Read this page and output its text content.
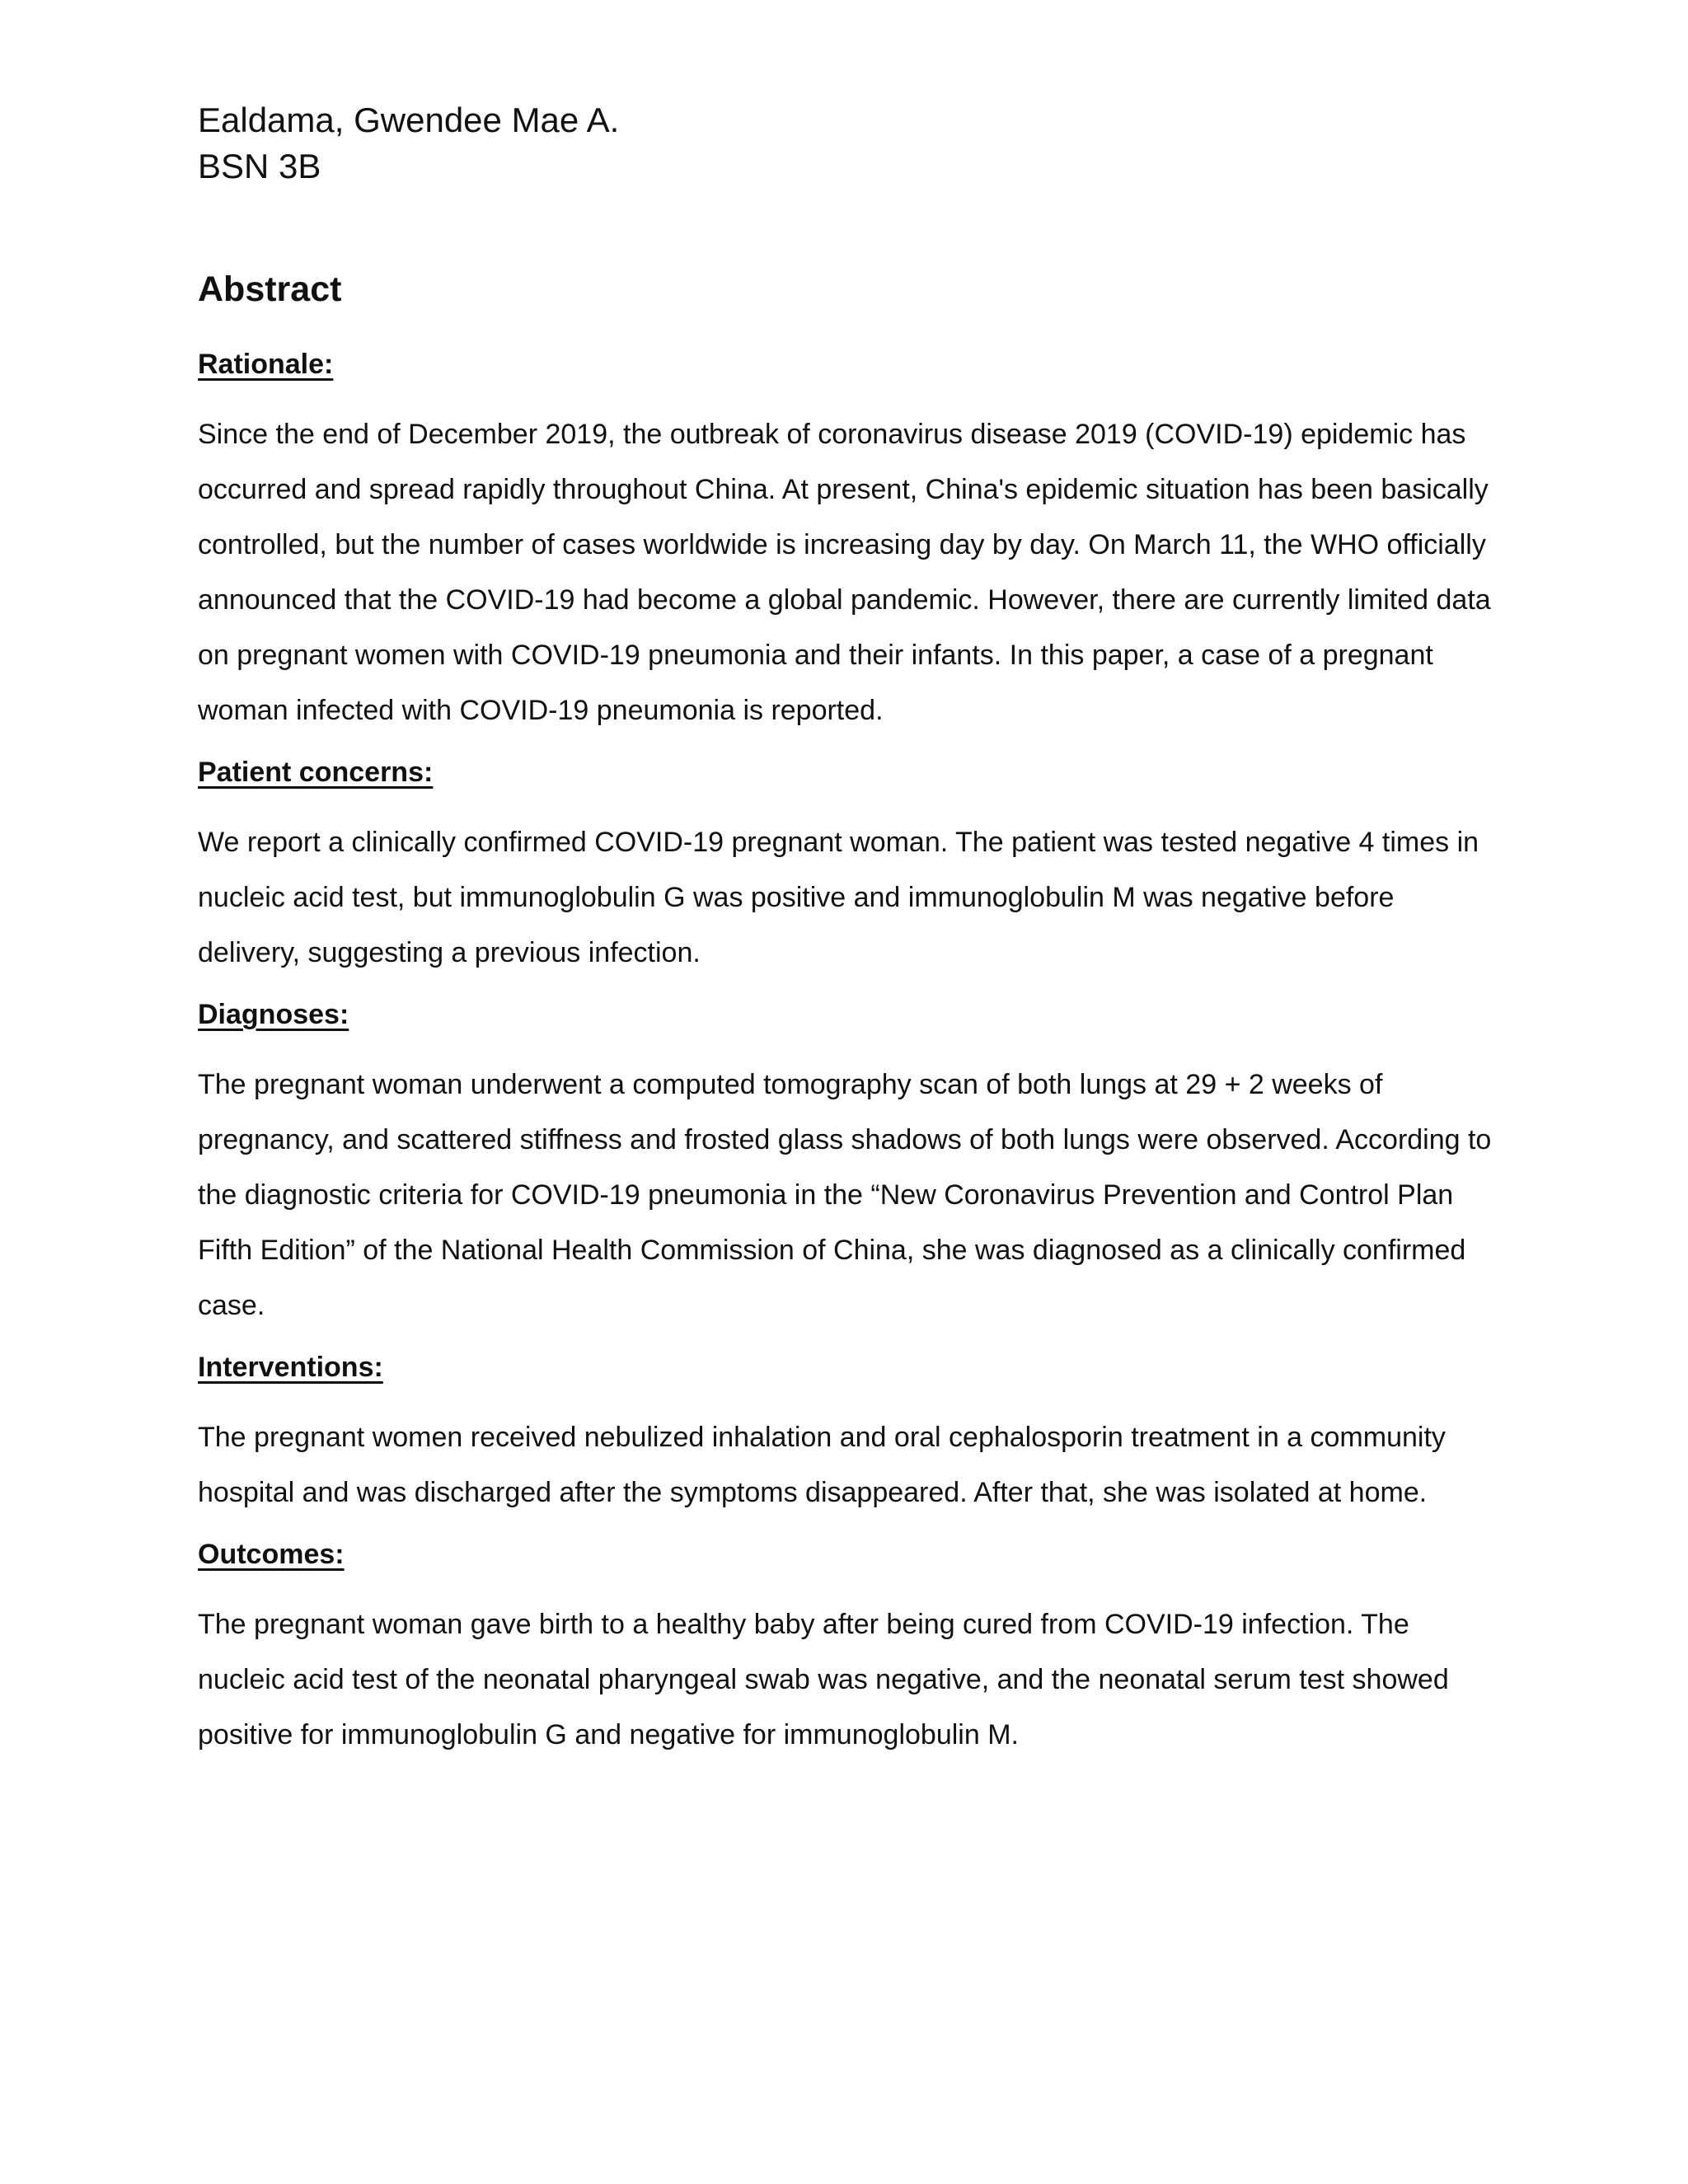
Ealdama, Gwendee Mae A.

BSN 3B

Abstract
Rationale:

Since the end of December 2019, the outbreak of coronavirus disease 2019 (COVID-19) epidemic has occurred and spread rapidly throughout China. At present, China's epidemic situation has been basically controlled, but the number of cases worldwide is increasing day by day. On March 11, the WHO officially announced that the COVID-19 had become a global pandemic. However, there are currently limited data on pregnant women with COVID-19 pneumonia and their infants. In this paper, a case of a pregnant woman infected with COVID-19 pneumonia is reported.

Patient concerns:

We report a clinically confirmed COVID-19 pregnant woman. The patient was tested negative 4 times in nucleic acid test, but immunoglobulin G was positive and immunoglobulin M was negative before delivery, suggesting a previous infection.

Diagnoses:

The pregnant woman underwent a computed tomography scan of both lungs at 29 + 2 weeks of pregnancy, and scattered stiffness and frosted glass shadows of both lungs were observed. According to the diagnostic criteria for COVID-19 pneumonia in the “New Coronavirus Prevention and Control Plan Fifth Edition” of the National Health Commission of China, she was diagnosed as a clinically confirmed case.

Interventions:

The pregnant women received nebulized inhalation and oral cephalosporin treatment in a community hospital and was discharged after the symptoms disappeared. After that, she was isolated at home.

Outcomes:

The pregnant woman gave birth to a healthy baby after being cured from COVID-19 infection. The nucleic acid test of the neonatal pharyngeal swab was negative, and the neonatal serum test showed positive for immunoglobulin G and negative for immunoglobulin M.
